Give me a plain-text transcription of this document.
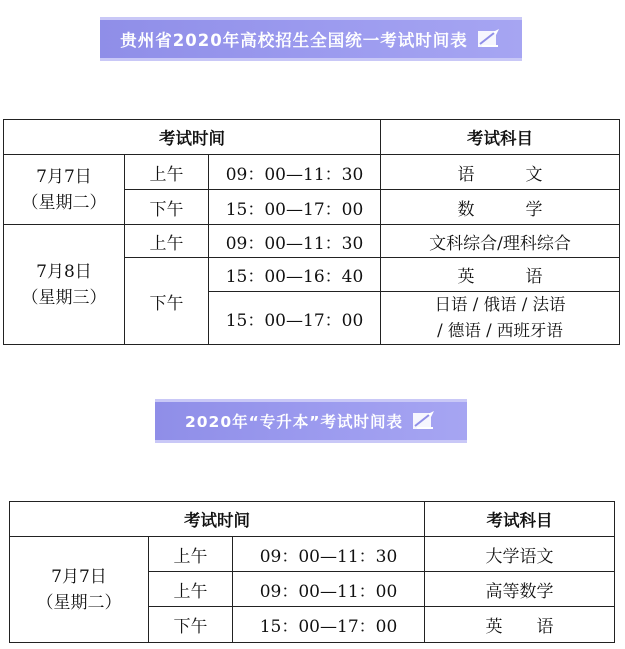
贵州省2020年高校招生全国统一考试时间表
考试时间			考试科目

7月7日
（星期二）	上午	09：00—11：30	语　　　文
	下午	15：00—17：00	数　　　学

7月8日
（星期三）	上午	09：00—11：30	文科综合/理科综合
	下午	15：00—16：40	英　　　语
		15：00—17：00	日语 / 俄语 / 法语
/ 德语 / 西班牙语
2020年“专升本”考试时间表
考试时间			考试科目

7月7日
（星期二）	上午	09：00—11：30	大学语文
	上午	09：00—11：00	高等数学
	下午	15：00—17：00	英　　语
